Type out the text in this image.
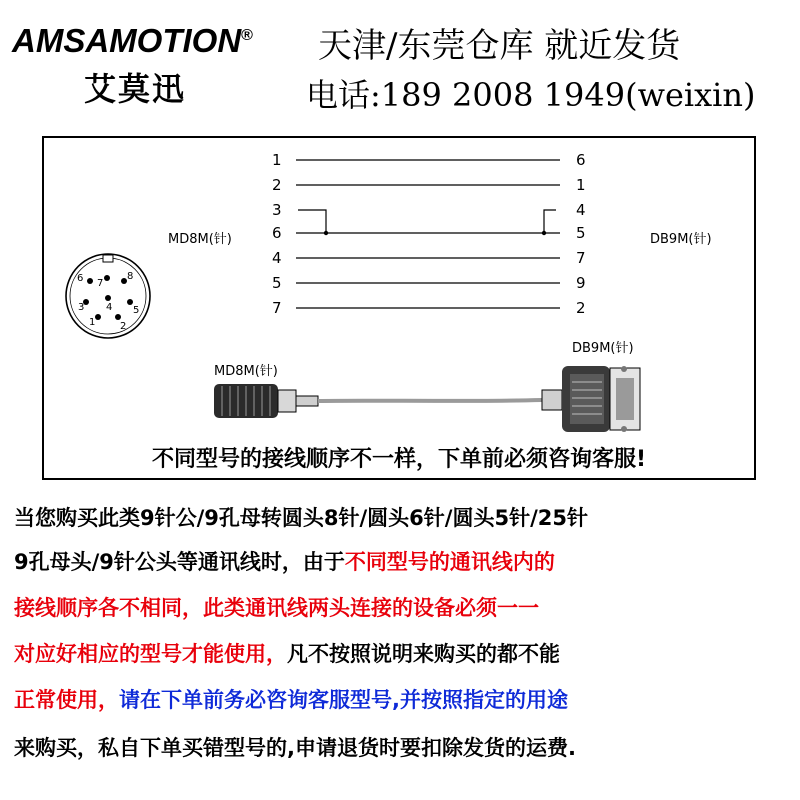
AMSAMOTION®
艾莫迅
天津/东莞仓库 就近发货
电话:189 2008 1949(weixin)
1
2
3
6
4
5
7
6
1
4
5
7
9
2
MD8M(针)	DB9M(针)
6 7
8
3 4 5
1 2
MD8M(针)
DB9M(针)
不同型号的接线顺序不一样，下单前必须咨询客服!
当您购买此类9针公/9孔母转圆头8针/圆头6针/圆头5针/25针
9孔母头/9针公头等通讯线时，由于不同型号的通讯线内的
接线顺序各不相同，此类通讯线两头连接的设备必须一一
对应好相应的型号才能使用，凡不按照说明来购买的都不能
正常使用，请在下单前务必咨询客服型号,并按照指定的用途
来购买，私自下单买错型号的,申请退货时要扣除发货的运费.
